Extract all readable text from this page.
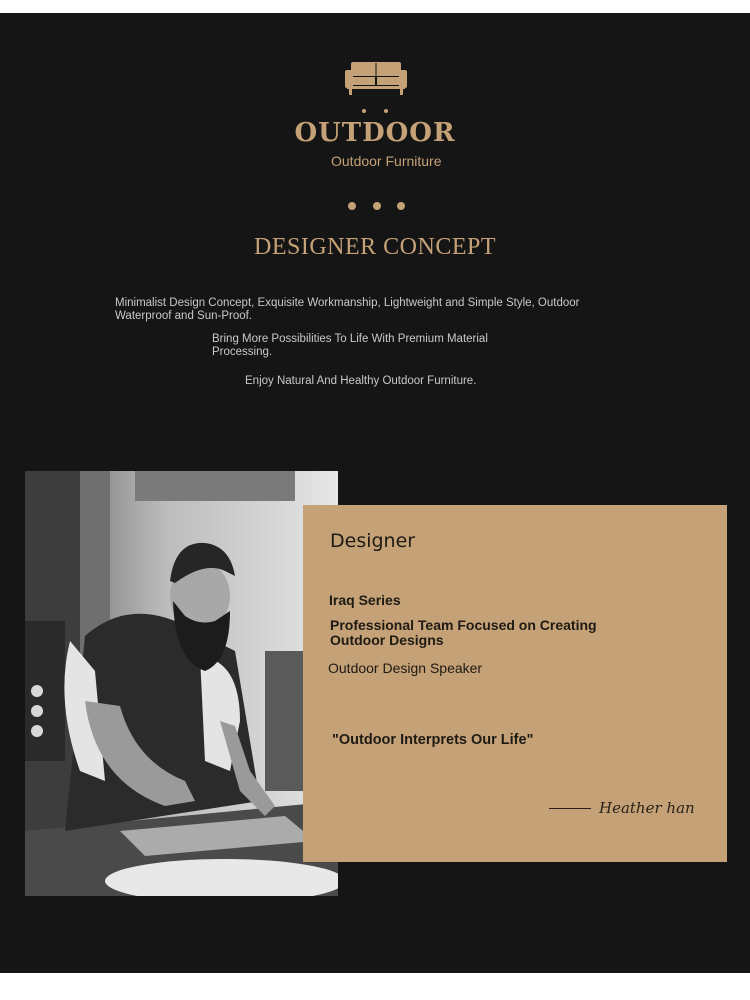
OUTDOOR
Outdoor Furniture
DESIGNER CONCEPT

Minimalist Design Concept, Exquisite Workmanship, Lightweight and Simple Style, Outdoor Waterproof and Sun-Proof.

Bring More Possibilities To Life With Premium Material Processing.

Enjoy Natural And Healthy Outdoor Furniture.

Designer
Iraq Series
Professional Team Focused on Creating Outdoor Designs
Outdoor Design Speaker
"Outdoor Interprets Our Life"
Heather han
